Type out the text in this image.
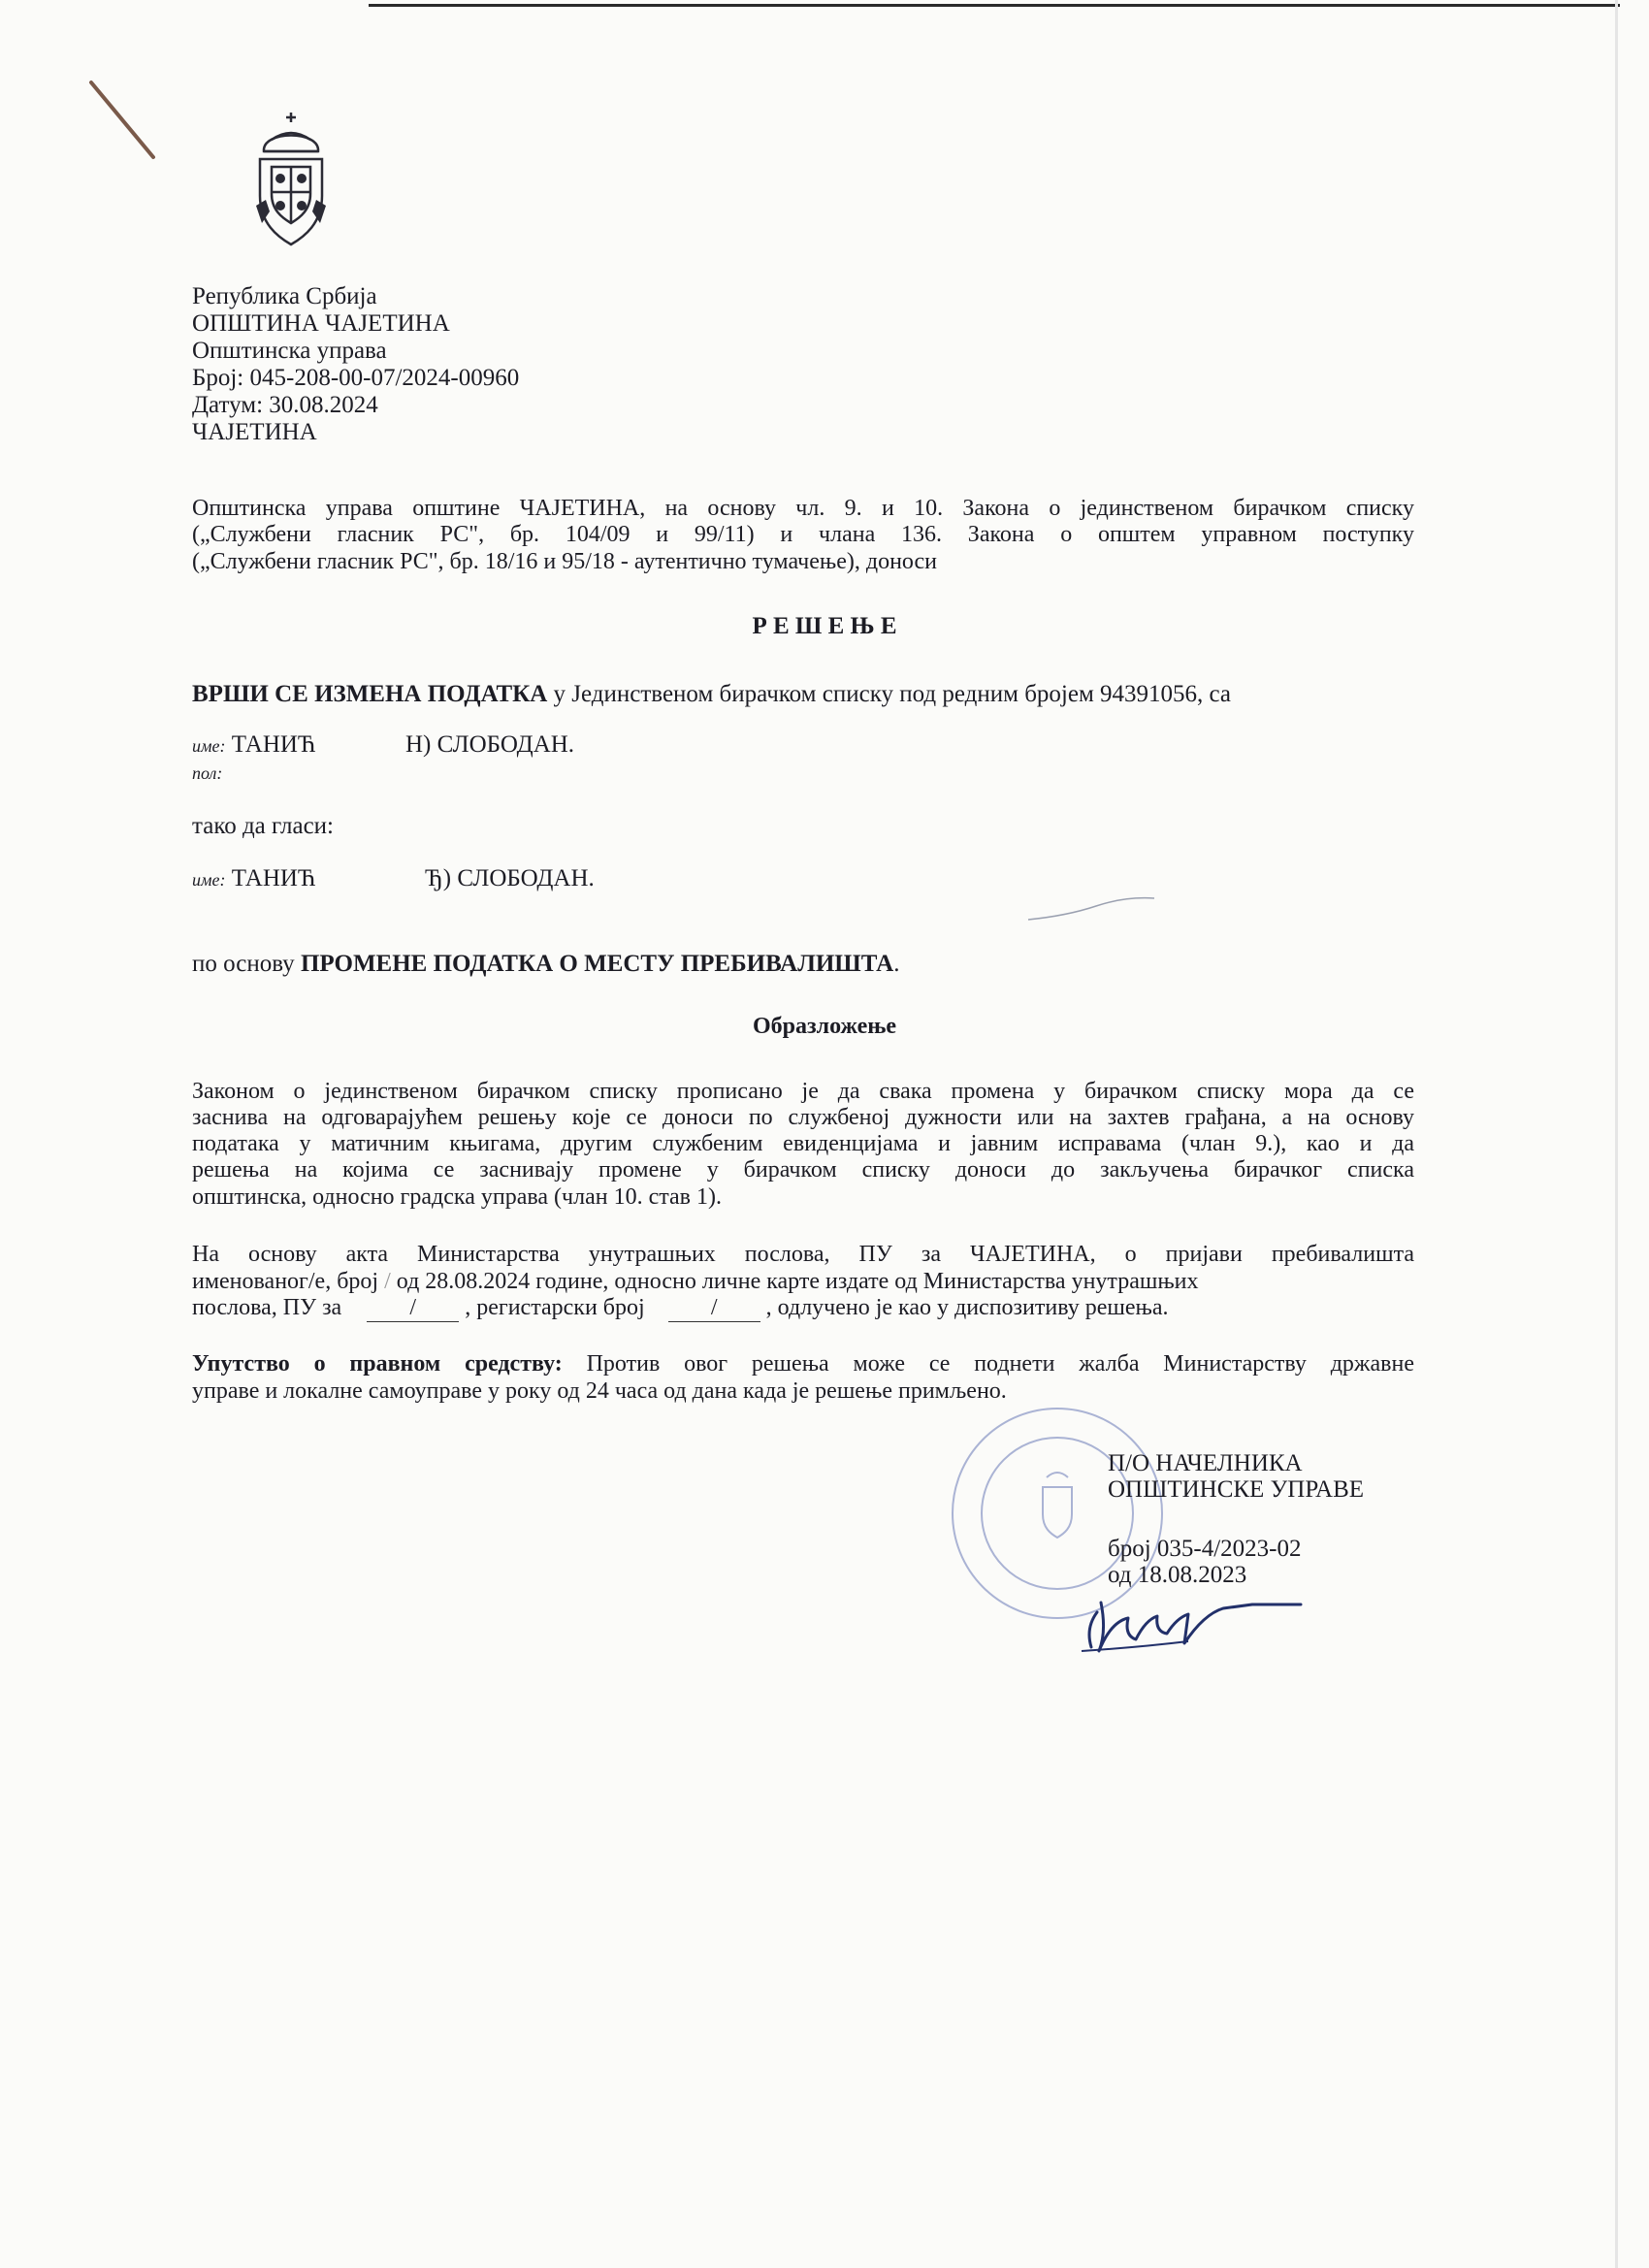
Република Србија
ОПШТИНА ЧАЈЕТИНА
Општинска управа
Број: 045-208-00-07/2024-00960
Датум: 30.08.2024
ЧАЈЕТИНА
Општинска управа општине ЧАЈЕТИНА, на основу чл. 9. и 10. Закона о јединственом бирачком списку
(„Службени гласник РС", бр. 104/09 и 99/11) и члана 136. Закона о општем управном поступку
(„Службени гласник РС", бр. 18/16 и 95/18 - аутентично тумачење), доноси
Р Е Ш Е Њ Е
ВРШИ СЕ ИЗМЕНА ПОДАТКА у Јединственом бирачком списку под редним бројем 94391056, са
име: ТАНИЋ	Н) СЛОБОДАН.
пол:
тако да гласи:
име: ТАНИЋ	Ђ) СЛОБОДАН.
по основу ПРОМЕНЕ ПОДАТКА О МЕСТУ ПРЕБИВАЛИШТА.
Образложење
Законом о јединственом бирачком списку прописано је да свака промена у бирачком списку мора да се
заснива на одговарајућем решењу које се доноси по службеној дужности или на захтев грађана, а на основу
података у матичним књигама, другим службеним евиденцијама и јавним исправама (члан 9.), као и да
решења на којима се заснивају промене у бирачком списку доноси до закључења бирачког списка
општинска, односно градска управа (члан 10. став 1).
На основу акта Министарства унутрашњих послова, ПУ за ЧАЈЕТИНА, о пријави пребивалишта
именованог/е, број / од 28.08.2024 године, односно личне карте издате од Министарства унутрашњих
послова, ПУ за	/ , регистарски број	/ , одлучено је као у диспозитиву решења.
Упутство о правном средству: Против овог решења може се поднети жалба Министарству државне
управе и локалне самоуправе у року од 24 часа од дана када је решење примљено.
П/О НАЧЕЛНИКА
ОПШТИНСКЕ УПРАВЕ
број 035-4/2023-02
од 18.08.2023
